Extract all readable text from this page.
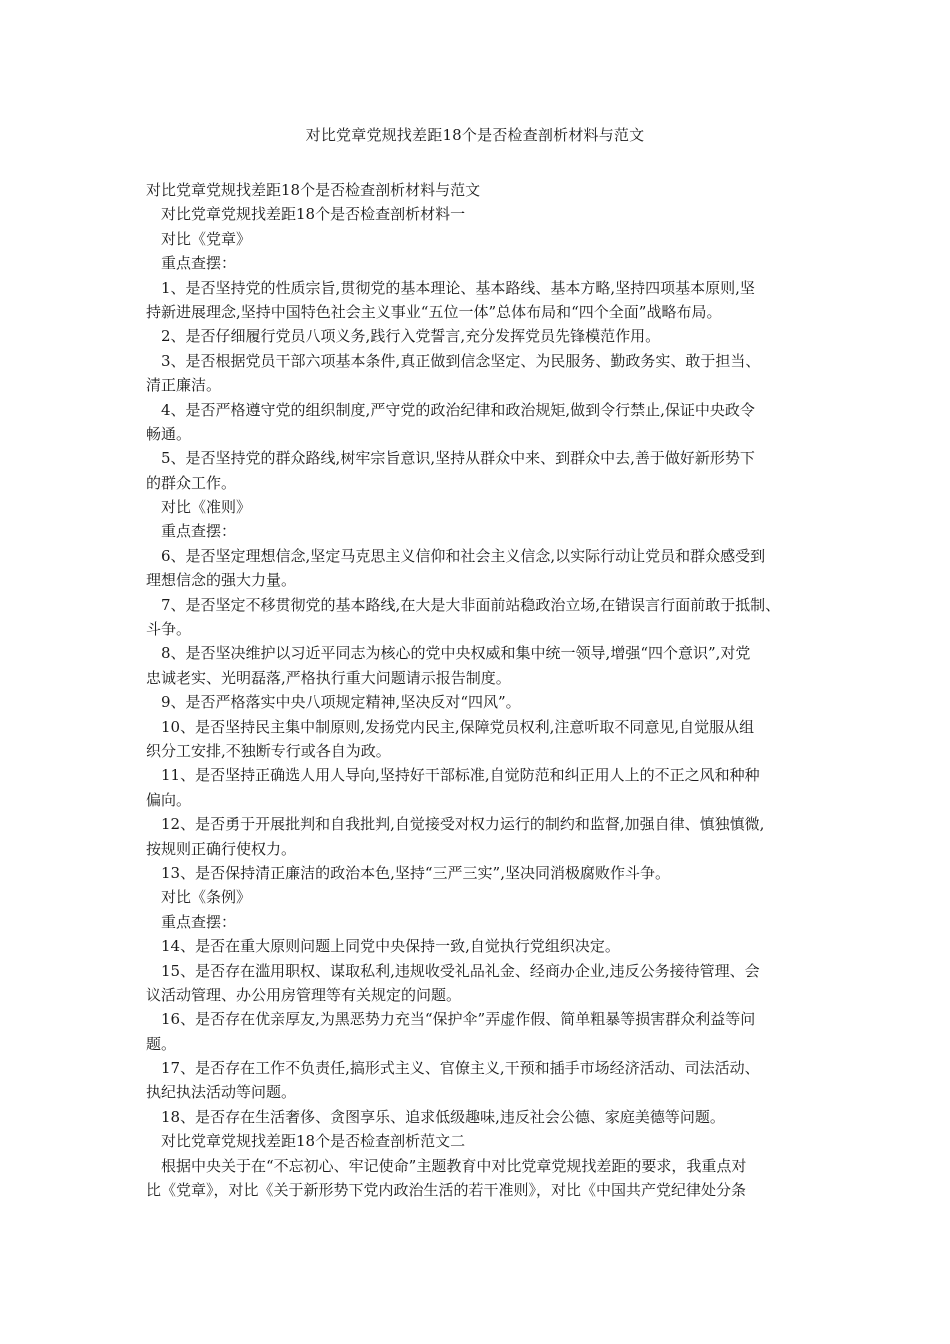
对比党章党规找差距18个是否检查剖析材料与范文
对比党章党规找差距18个是否检查剖析材料与范文
对比党章党规找差距18个是否检查剖析材料一
对比《党章》
重点查摆：
1、是否坚持党的性质宗旨,贯彻党的基本理论、基本路线、基本方略,坚持四项基本原则,坚
持新进展理念,坚持中国特色社会主义事业“五位一体”总体布局和“四个全面”战略布局。
2、是否仔细履行党员八项义务,践行入党誓言,充分发挥党员先锋模范作用。
3、是否根据党员干部六项基本条件,真正做到信念坚定、为民服务、勤政务实、敢于担当、
清正廉洁。
4、是否严格遵守党的组织制度,严守党的政治纪律和政治规矩,做到令行禁止,保证中央政令
畅通。
5、是否坚持党的群众路线,树牢宗旨意识,坚持从群众中来、到群众中去,善于做好新形势下
的群众工作。
对比《准则》
重点查摆：
6、是否坚定理想信念,坚定马克思主义信仰和社会主义信念,以实际行动让党员和群众感受到
理想信念的强大力量。
7、是否坚定不移贯彻党的基本路线,在大是大非面前站稳政治立场,在错误言行面前敢于抵制、
斗争。
8、是否坚决维护以习近平同志为核心的党中央权威和集中统一领导,增强“四个意识”,对党
忠诚老实、光明磊落,严格执行重大问题请示报告制度。
9、是否严格落实中央八项规定精神,坚决反对“四风”。
10、是否坚持民主集中制原则,发扬党内民主,保障党员权利,注意听取不同意见,自觉服从组
织分工安排,不独断专行或各自为政。
11、是否坚持正确选人用人导向,坚持好干部标准,自觉防范和纠正用人上的不正之风和种种
偏向。
12、是否勇于开展批判和自我批判,自觉接受对权力运行的制约和监督,加强自律、慎独慎微,
按规则正确行使权力。
13、是否保持清正廉洁的政治本色,坚持“三严三实”,坚决同消极腐败作斗争。
对比《条例》
重点查摆：
14、是否在重大原则问题上同党中央保持一致,自觉执行党组织决定。
15、是否存在滥用职权、谋取私利,违规收受礼品礼金、经商办企业,违反公务接待管理、会
议活动管理、办公用房管理等有关规定的问题。
16、是否存在优亲厚友,为黑恶势力充当“保护伞”弄虚作假、简单粗暴等损害群众利益等问
题。
17、是否存在工作不负责任,搞形式主义、官僚主义,干预和插手市场经济活动、司法活动、
执纪执法活动等问题。
18、是否存在生活奢侈、贪图享乐、追求低级趣味,违反社会公德、家庭美德等问题。
对比党章党规找差距18个是否检查剖析范文二
根据中央关于在“不忘初心、牢记使命”主题教育中对比党章党规找差距的要求，我重点对
比《党章》，对比《关于新形势下党内政治生活的若干准则》，对比《中国共产党纪律处分条
